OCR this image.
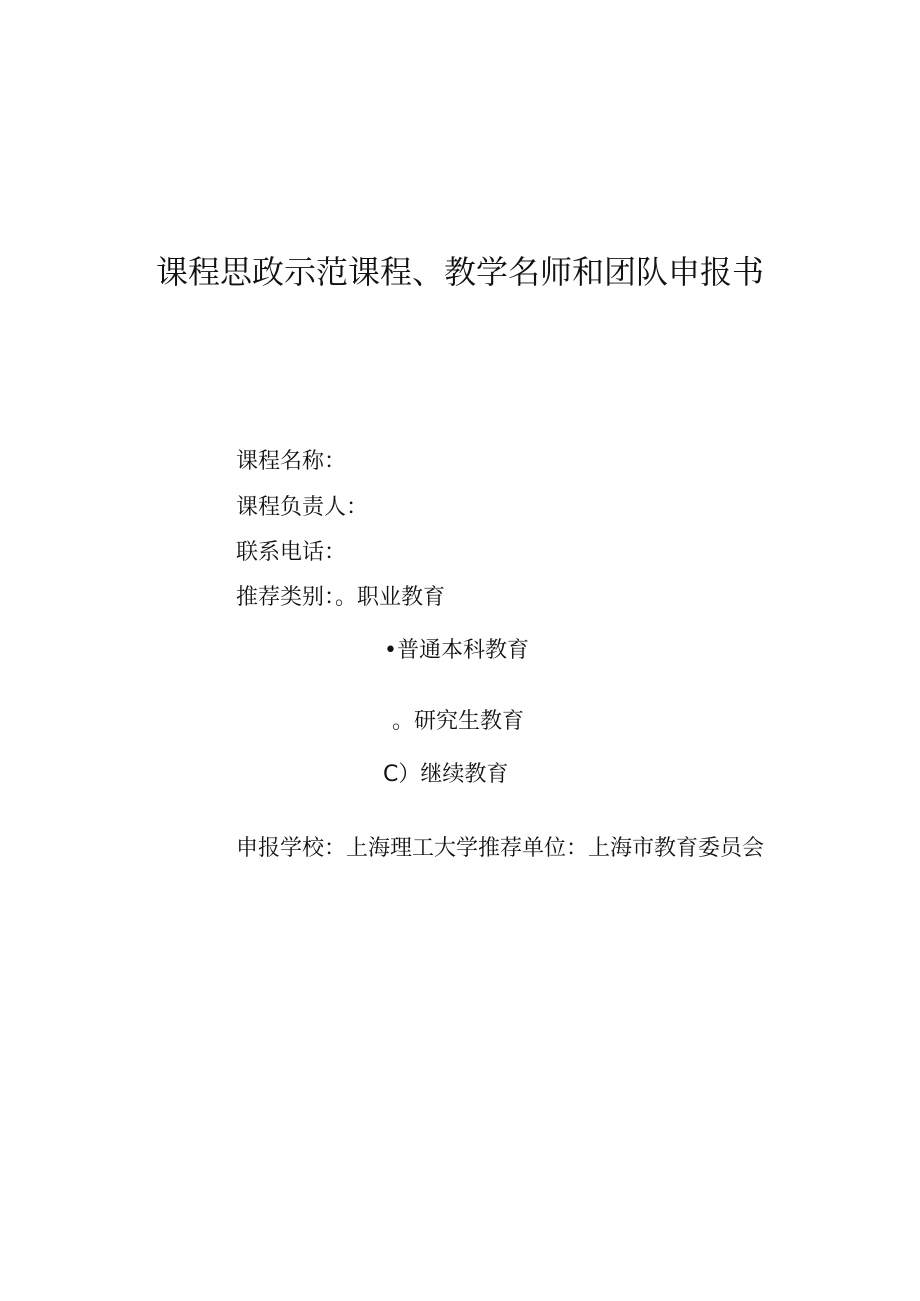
课程思政示范课程、教学名师和团队申报书
课程名称：
课程负责人：
联系电话：
推荐类别：。职业教育
•普通本科教育
。研究生教育
C）继续教育
申报学校：上海理工大学推荐单位：上海市教育委员会
